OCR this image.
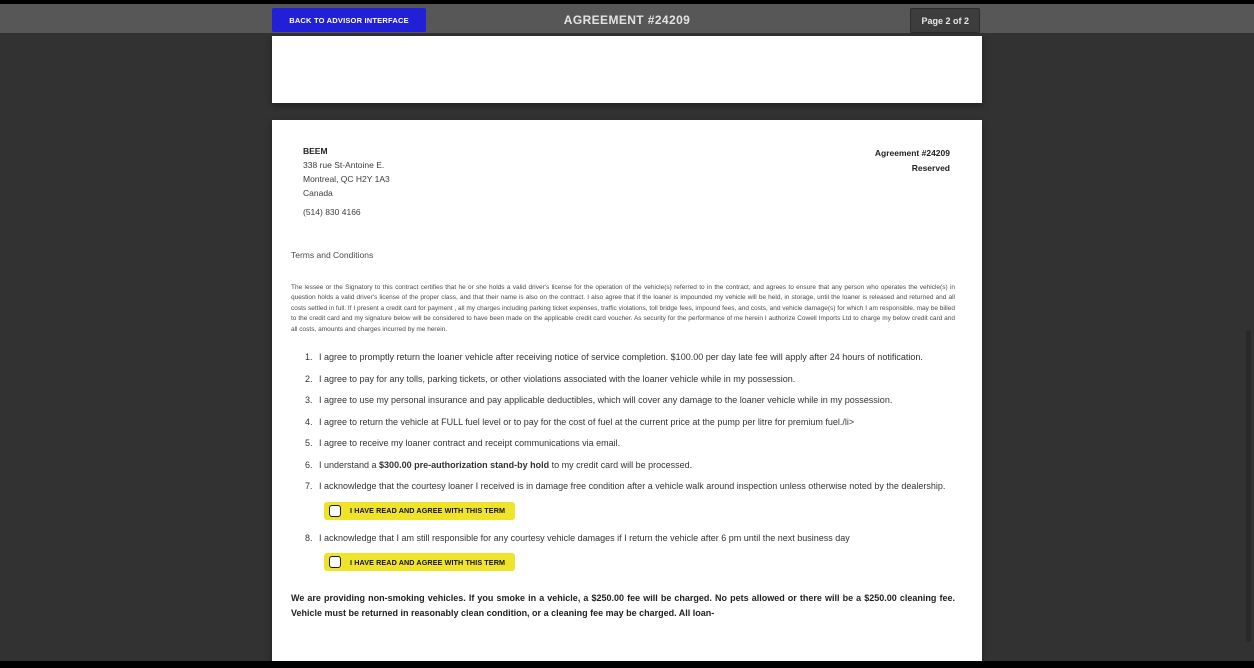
BACK TO ADVISOR INTERFACE	AGREEMENT #24209	Page 2 of 2
BEEM
338 rue St-Antoine E.
Montreal, QC H2Y 1A3
Canada
(514) 830 4166
Agreement #24209
Reserved
Terms and Conditions

The lessee or the Signatory to this contract certifies that he or she holds a valid driver's license for the operation of the vehicle(s) referred to in the contract, and agrees to ensure that any person who operates the vehicle(s) in question holds a valid driver's license of the proper class, and that their name is also on the contract. I also agree that if the loaner is impounded my vehicle will be held, in storage, until the loaner is released and returned and all costs settled in full. If I present a credit card for payment , all my charges including parking ticket expenses, traffic violations, toll bridge fees, impound fees, and costs, and vehicle damage(s) for which I am responsible, may be billed to the credit card and my signature below will be considered to have been made on the applicable credit card voucher. As security for the performance of me herein I authorize Cowell Imports Ltd to charge my below credit card and all costs, amounts and charges incurred by me herein.

1. I agree to promptly return the loaner vehicle after receiving notice of service completion. $100.00 per day late fee will apply after 24 hours of notification.
2. I agree to pay for any tolls, parking tickets, or other violations associated with the loaner vehicle while in my possession.
3. I agree to use my personal insurance and pay applicable deductibles, which will cover any damage to the loaner vehicle while in my possession.
4. I agree to return the vehicle at FULL fuel level or to pay for the cost of fuel at the current price at the pump per litre for premium fuel./li>
5. I agree to receive my loaner contract and receipt communications via email.
6. I understand a $300.00 pre-authorization stand-by hold to my credit card will be processed.
7. I acknowledge that the courtesy loaner I received is in damage free condition after a vehicle walk around inspection unless otherwise noted by the dealership.
I HAVE READ AND AGREE WITH THIS TERM
8. I acknowledge that I am still responsible for any courtesy vehicle damages if I return the vehicle after 6 pm until the next business day
I HAVE READ AND AGREE WITH THIS TERM

We are providing non-smoking vehicles. If you smoke in a vehicle, a $250.00 fee will be charged. No pets allowed or there will be a $250.00 cleaning fee. Vehicle must be returned in reasonably clean condition, or a cleaning fee may be charged. All loan-
